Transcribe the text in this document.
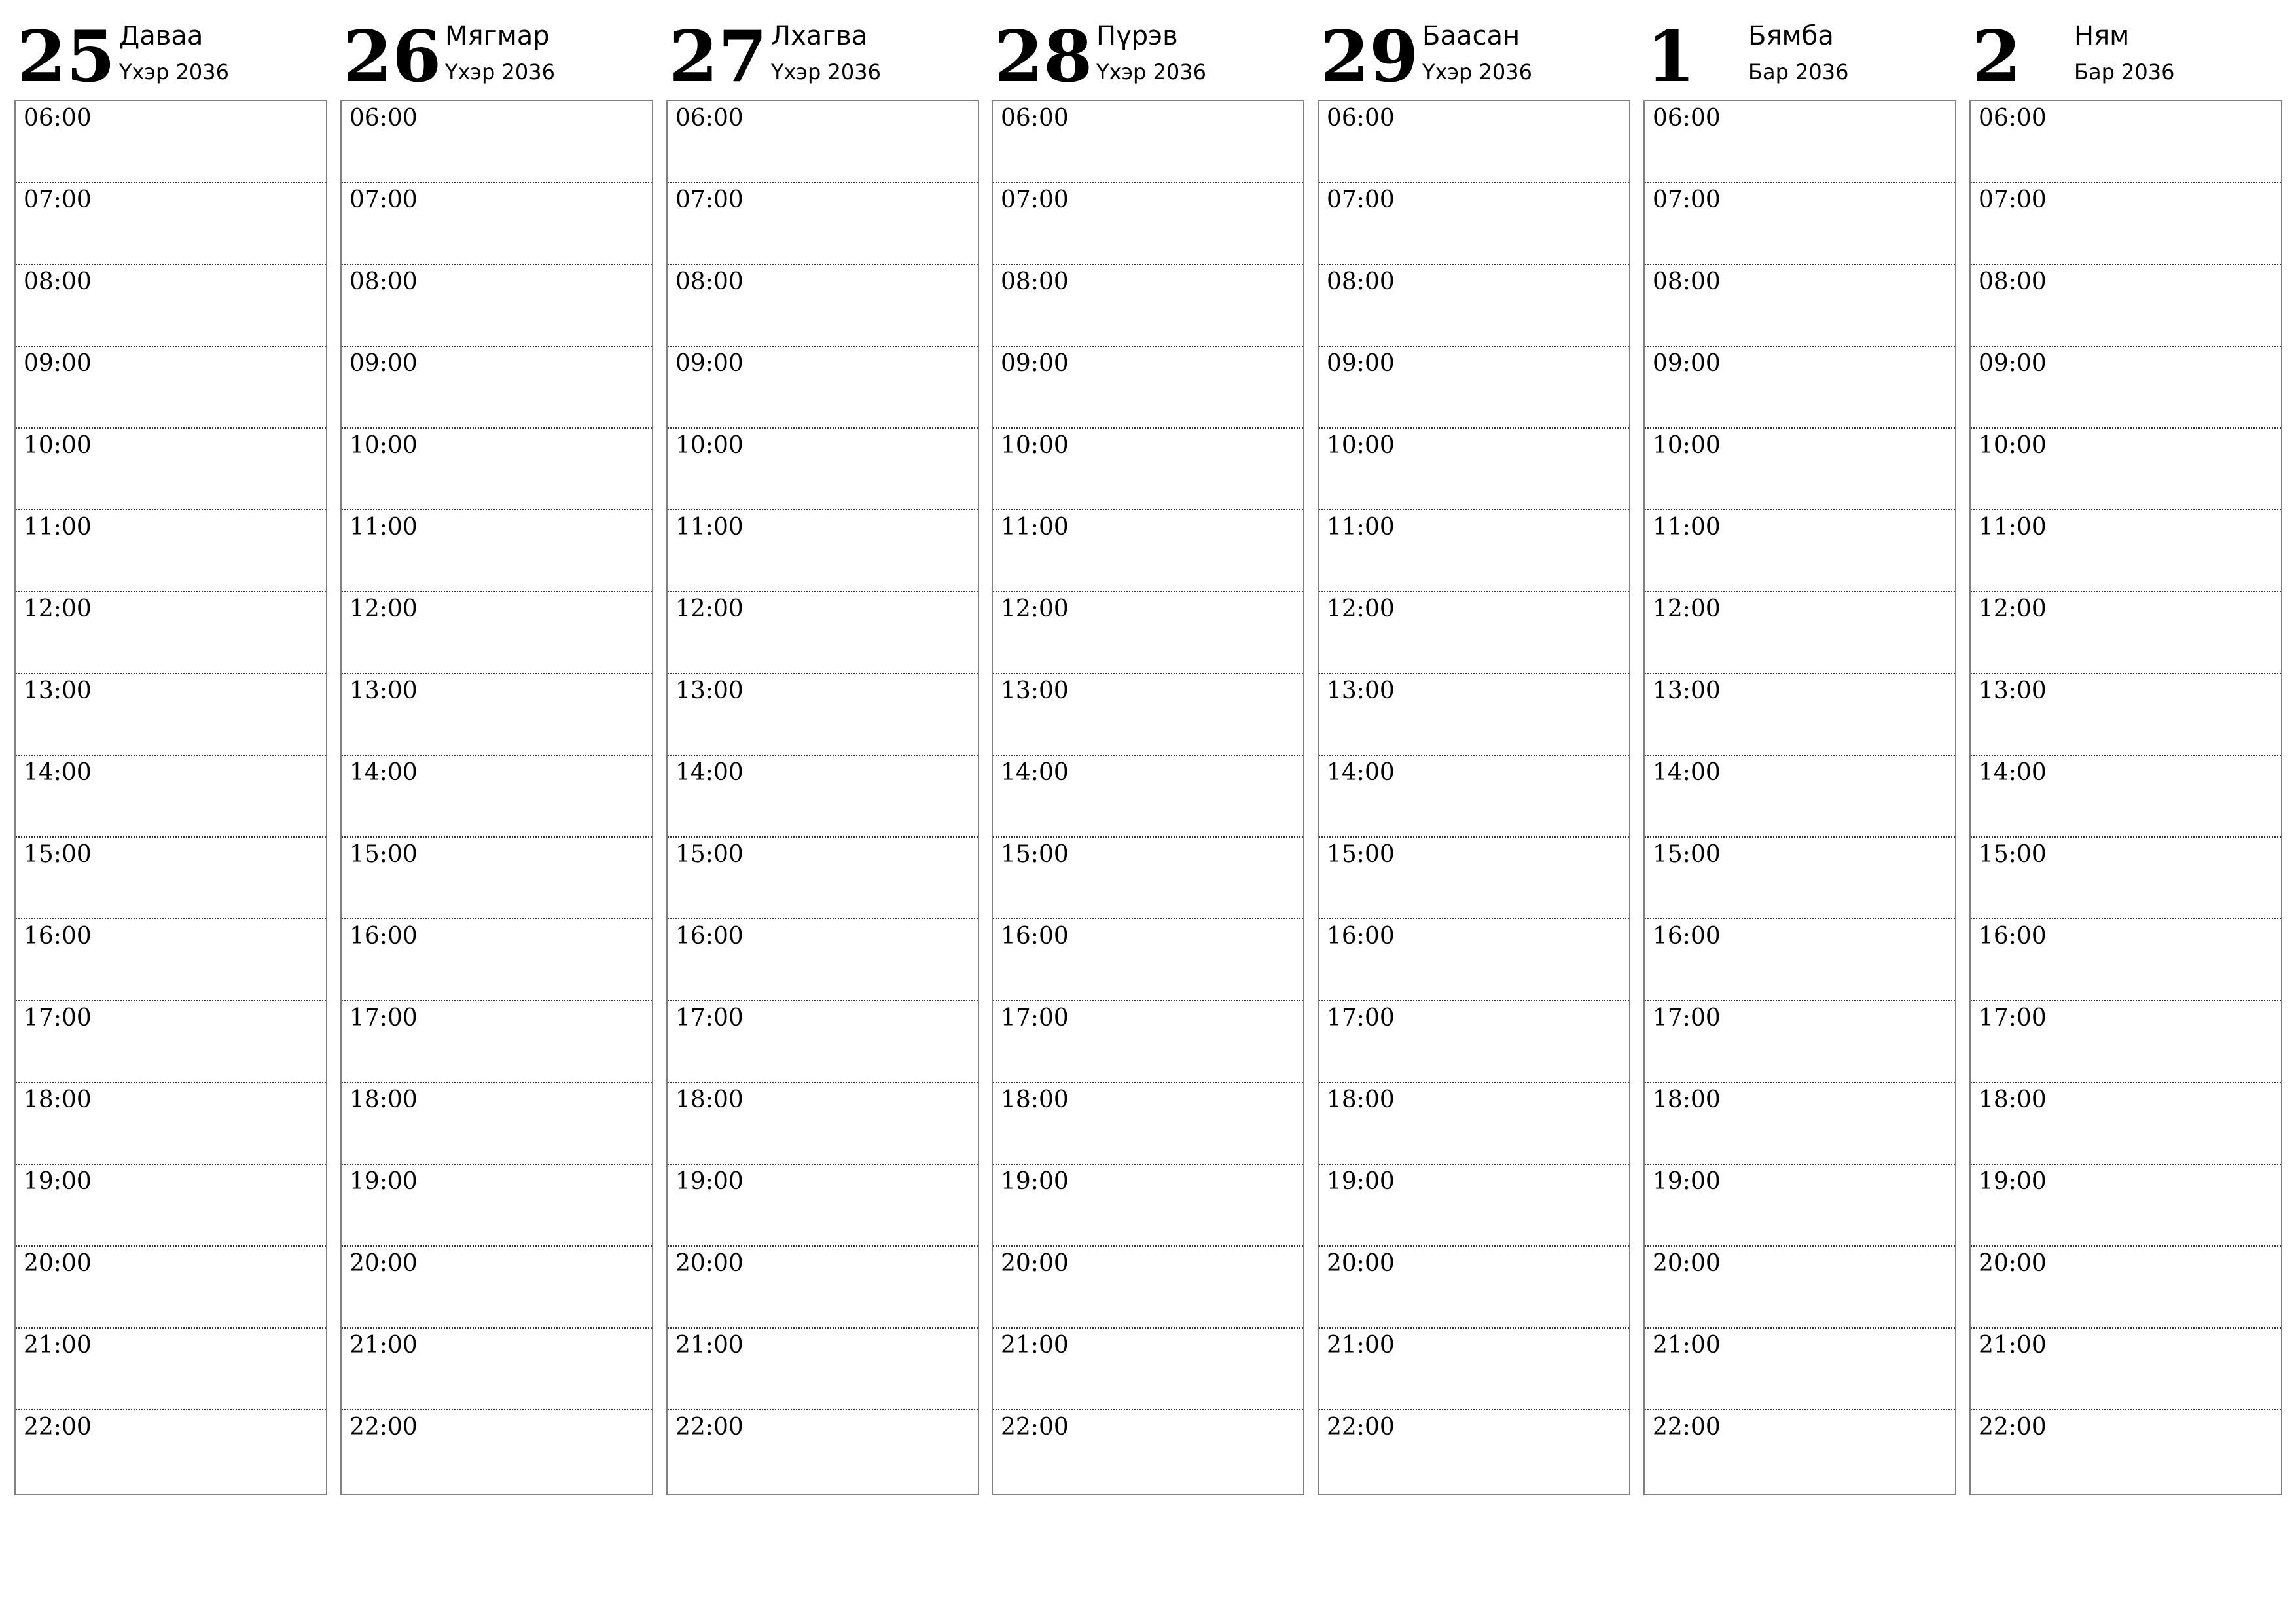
25 Даваа
Үхэр 2036
06:00
07:00
08:00
09:00
10:00
11:00
12:00
13:00
14:00
15:00
16:00
17:00
18:00
19:00
20:00
21:00
22:00
26 Мягмар
Үхэр 2036
06:00
07:00
08:00
09:00
10:00
11:00
12:00
13:00
14:00
15:00
16:00
17:00
18:00
19:00
20:00
21:00
22:00
27 Лхагва
Үхэр 2036
06:00
07:00
08:00
09:00
10:00
11:00
12:00
13:00
14:00
15:00
16:00
17:00
18:00
19:00
20:00
21:00
22:00
28 Пүрэв
Үхэр 2036
06:00
07:00
08:00
09:00
10:00
11:00
12:00
13:00
14:00
15:00
16:00
17:00
18:00
19:00
20:00
21:00
22:00
29 Баасан
Үхэр 2036
06:00
07:00
08:00
09:00
10:00
11:00
12:00
13:00
14:00
15:00
16:00
17:00
18:00
19:00
20:00
21:00
22:00
1 Бямба
Бар 2036
06:00
07:00
08:00
09:00
10:00
11:00
12:00
13:00
14:00
15:00
16:00
17:00
18:00
19:00
20:00
21:00
22:00
2 Ням
Бар 2036
06:00
07:00
08:00
09:00
10:00
11:00
12:00
13:00
14:00
15:00
16:00
17:00
18:00
19:00
20:00
21:00
22:00
